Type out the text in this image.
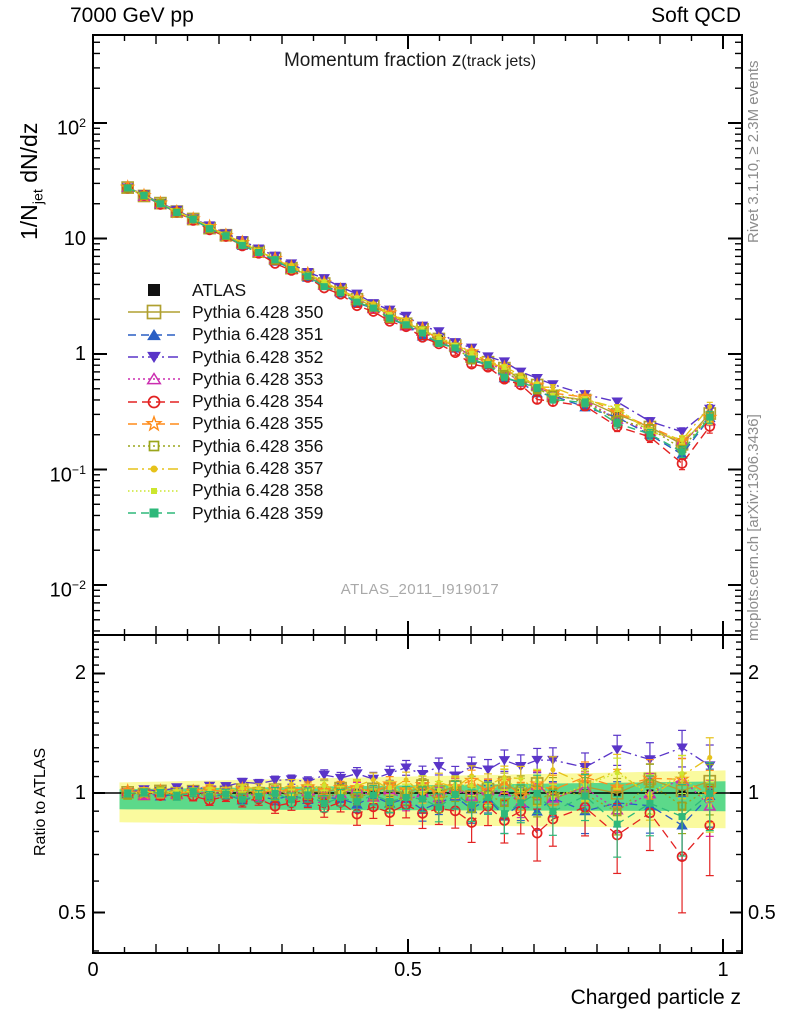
7000 GeV pp	Soft QCD
Momentum fraction z(track jets)
$1/N_{jet}$ dN/dz
Ratio to ATLAS
Charged particle z
ATLAS_2011_I919017
Rivet 3.1.10, ≥ 2.3M events
mcplots.cern.ch [arXiv:1306.3436]
ATLAS
Pythia 6.428 350
Pythia 6.428 351
Pythia 6.428 352
Pythia 6.428 353
Pythia 6.428 354
Pythia 6.428 355
Pythia 6.428 356
Pythia 6.428 357
Pythia 6.428 358
Pythia 6.428 359
$10^2$
10
1
$10^{-1}$
$10^{-2}$
2	2
1	1
0.5	0.5
0	0.5	1
